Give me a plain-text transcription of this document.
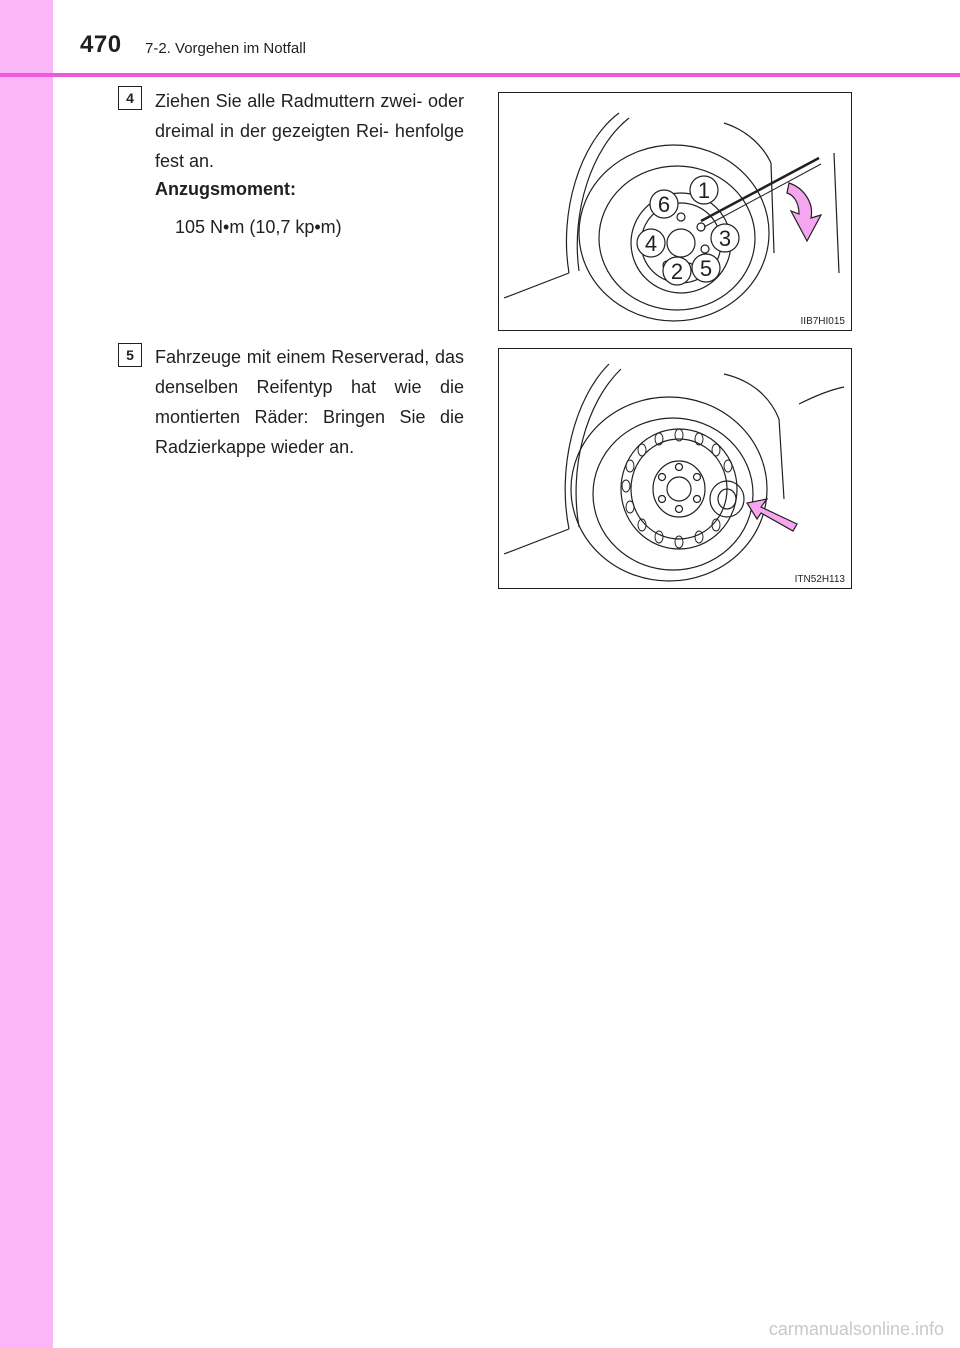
470 7-2. Vorgehen im Notfall
4	Ziehen Sie alle Radmuttern zwei- oder dreimal in der gezeigten Rei- henfolge fest an.
Anzugsmoment:
105 N•m (10,7 kp•m)
1
2
3
4
5
6
IIB7HI015
5	Fahrzeuge mit einem Reserverad, das denselben Reifentyp hat wie die montierten Räder: Bringen Sie die Radzierkappe wieder an.
ITN52H113
carmanualsonline.info
